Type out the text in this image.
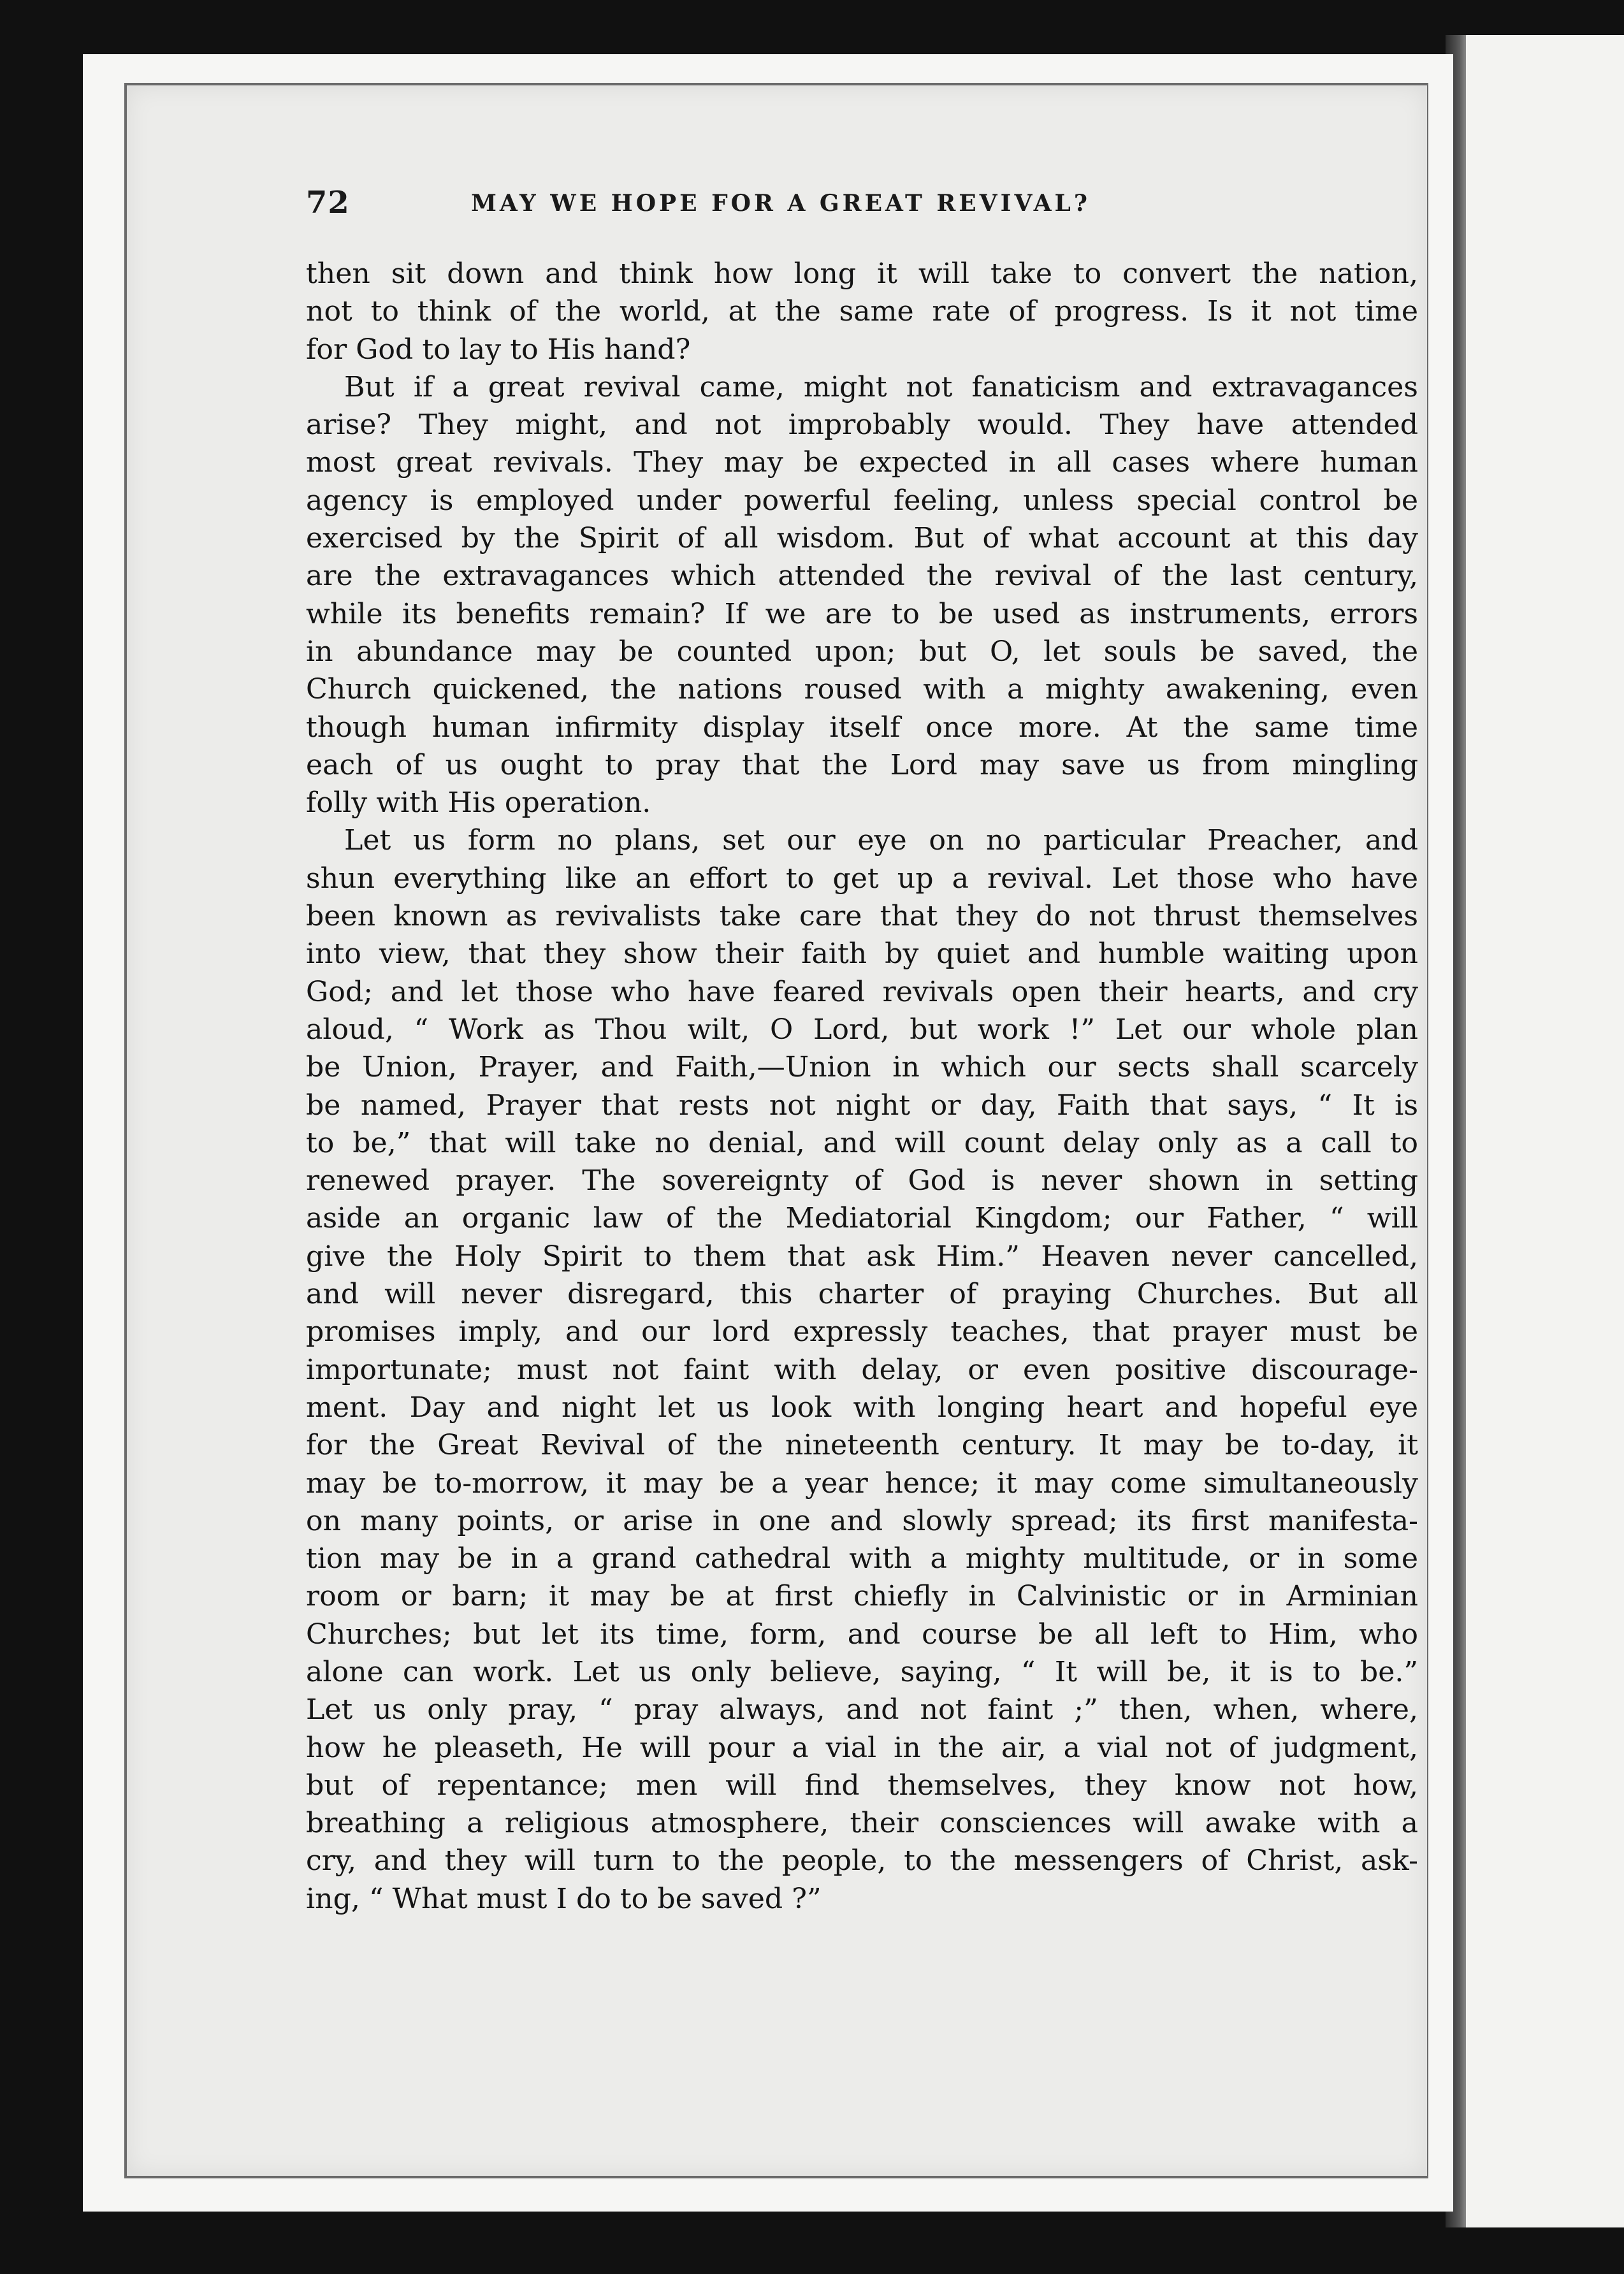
72	MAY WE HOPE FOR A GREAT REVIVAL?
then sit down and think how long it will take to convert the nation,
not to think of the world, at the same rate of progress. Is it not time
for God to lay to His hand?
But if a great revival came, might not fanaticism and extravagances
arise? They might, and not improbably would. They have attended
most great revivals. They may be expected in all cases where human
agency is employed under powerful feeling, unless special control be
exercised by the Spirit of all wisdom. But of what account at this day
are the extravagances which attended the revival of the last century,
while its benefits remain? If we are to be used as instruments, errors
in abundance may be counted upon; but O, let souls be saved, the
Church quickened, the nations roused with a mighty awakening, even
though human infirmity display itself once more. At the same time
each of us ought to pray that the Lord may save us from mingling
folly with His operation.
Let us form no plans, set our eye on no particular Preacher, and
shun everything like an effort to get up a revival. Let those who have
been known as revivalists take care that they do not thrust themselves
into view, that they show their faith by quiet and humble waiting upon
God; and let those who have feared revivals open their hearts, and cry
aloud, “ Work as Thou wilt, O Lord, but work !” Let our whole plan
be Union, Prayer, and Faith,—Union in which our sects shall scarcely
be named, Prayer that rests not night or day, Faith that says, “ It is
to be,” that will take no denial, and will count delay only as a call to
renewed prayer. The sovereignty of God is never shown in setting
aside an organic law of the Mediatorial Kingdom; our Father, “ will
give the Holy Spirit to them that ask Him.” Heaven never cancelled,
and will never disregard, this charter of praying Churches. But all
promises imply, and our lord expressly teaches, that prayer must be
importunate; must not faint with delay, or even positive discourage-
ment. Day and night let us look with longing heart and hopeful eye
for the Great Revival of the nineteenth century. It may be to-day, it
may be to-morrow, it may be a year hence; it may come simultaneously
on many points, or arise in one and slowly spread; its first manifesta-
tion may be in a grand cathedral with a mighty multitude, or in some
room or barn; it may be at first chiefly in Calvinistic or in Arminian
Churches; but let its time, form, and course be all left to Him, who
alone can work. Let us only believe, saying, “ It will be, it is to be.”
Let us only pray, “ pray always, and not faint ;” then, when, where,
how he pleaseth, He will pour a vial in the air, a vial not of judgment,
but of repentance; men will find themselves, they know not how,
breathing a religious atmosphere, their consciences will awake with a
cry, and they will turn to the people, to the messengers of Christ, ask-
ing, “ What must I do to be saved ?”
